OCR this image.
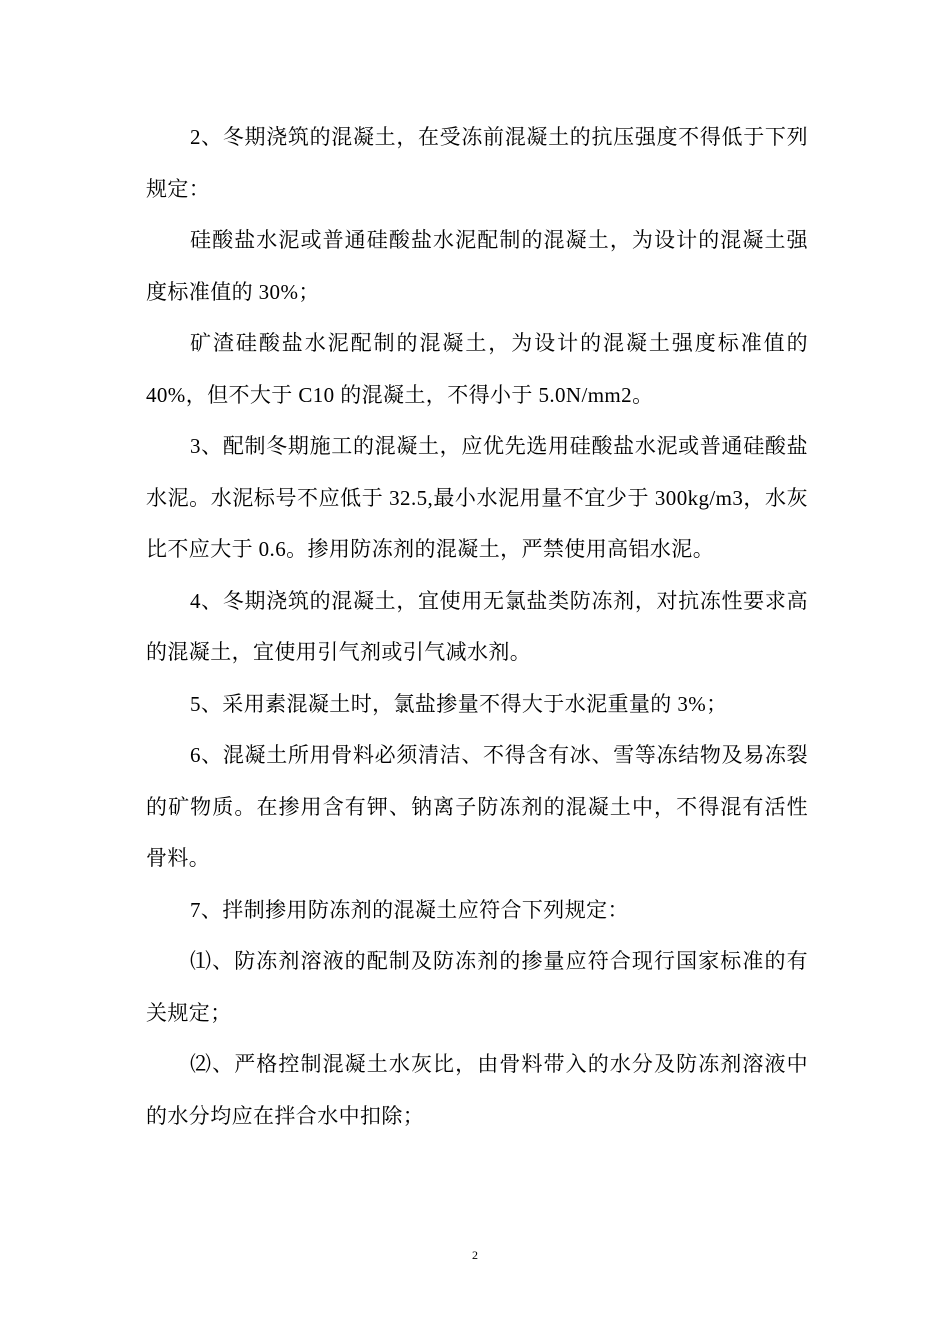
2、冬期浇筑的混凝土，在受冻前混凝土的抗压强度不得低于下列规定：

硅酸盐水泥或普通硅酸盐水泥配制的混凝土，为设计的混凝土强度标准值的 30%；

矿渣硅酸盐水泥配制的混凝土，为设计的混凝土强度标准值的 40%，但不大于 C10 的混凝土，不得小于 5.0N/mm2。

3、配制冬期施工的混凝土，应优先选用硅酸盐水泥或普通硅酸盐水泥。水泥标号不应低于 32.5,最小水泥用量不宜少于 300kg/m3，水灰比不应大于 0.6。掺用防冻剂的混凝土，严禁使用高铝水泥。

4、冬期浇筑的混凝土，宜使用无氯盐类防冻剂，对抗冻性要求高的混凝土，宜使用引气剂或引气减水剂。

5、采用素混凝土时，氯盐掺量不得大于水泥重量的 3%；

6、混凝土所用骨料必须清洁、不得含有冰、雪等冻结物及易冻裂的矿物质。在掺用含有钾、钠离子防冻剂的混凝土中，不得混有活性骨料。

7、拌制掺用防冻剂的混凝土应符合下列规定：

⑴、防冻剂溶液的配制及防冻剂的掺量应符合现行国家标准的有关规定；

⑵、严格控制混凝土水灰比，由骨料带入的水分及防冻剂溶液中的水分均应在拌合水中扣除；

2
